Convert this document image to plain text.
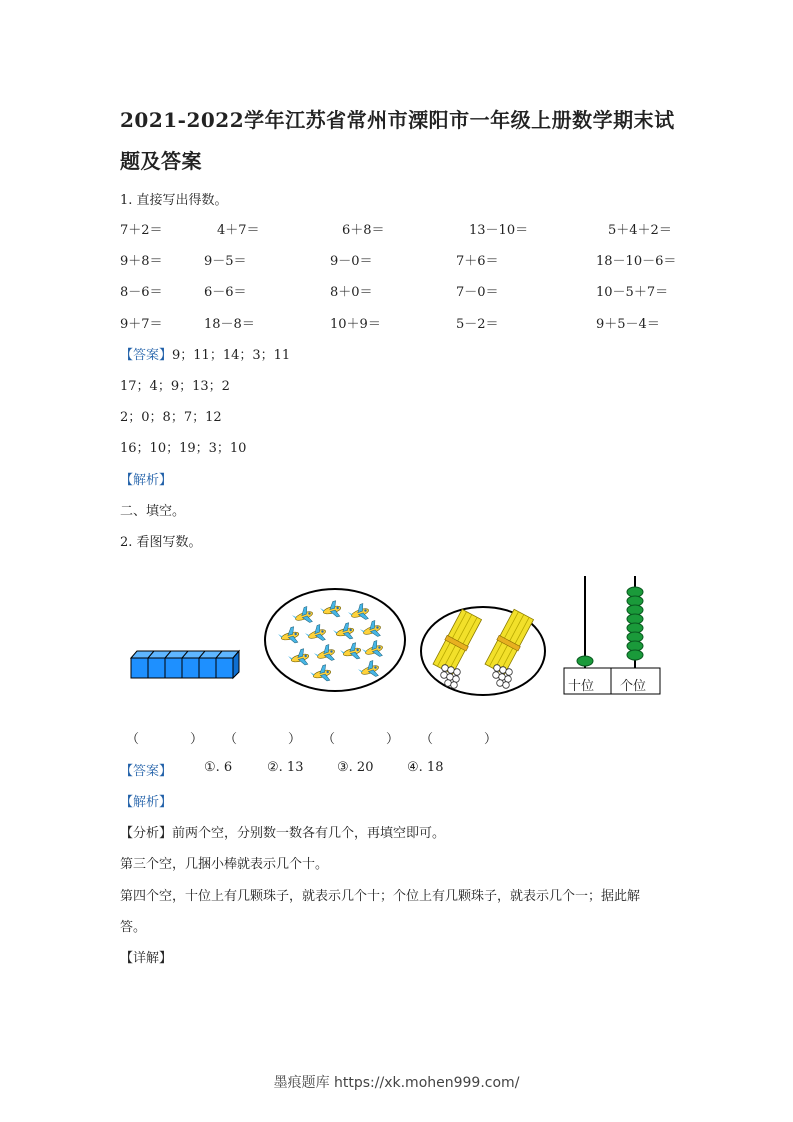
2021-2022学年江苏省常州市溧阳市一年级上册数学期末试
题及答案
1. 直接写出得数。
7＋2＝	4＋7＝	6＋8＝	13－10＝	5＋4＋2＝
9＋8＝	9－5＝	9－0＝	7＋6＝	18－10－6＝
8－6＝	6－6＝	8＋0＝	7－0＝	10－5＋7＝
9＋7＝	18－8＝	10＋9＝	5－2＝	9＋5－4＝
【答案】9；11；14；3；11
17；4；9；13；2
2；0；8；7；12
16；10；19；3；10
【解析】
二、填空。
2. 看图写数。
十位 个位
（	） （	） （	） （	）
【答案】 ①. 6	②. 13	③. 20	④. 18
【解析】
【分析】前两个空，分别数一数各有几个，再填空即可。
第三个空，几捆小棒就表示几个十。
第四个空，十位上有几颗珠子，就表示几个十；个位上有几颗珠子，就表示几个一；据此解
答。
【详解】
墨痕题库 https://xk.mohen999.com/
